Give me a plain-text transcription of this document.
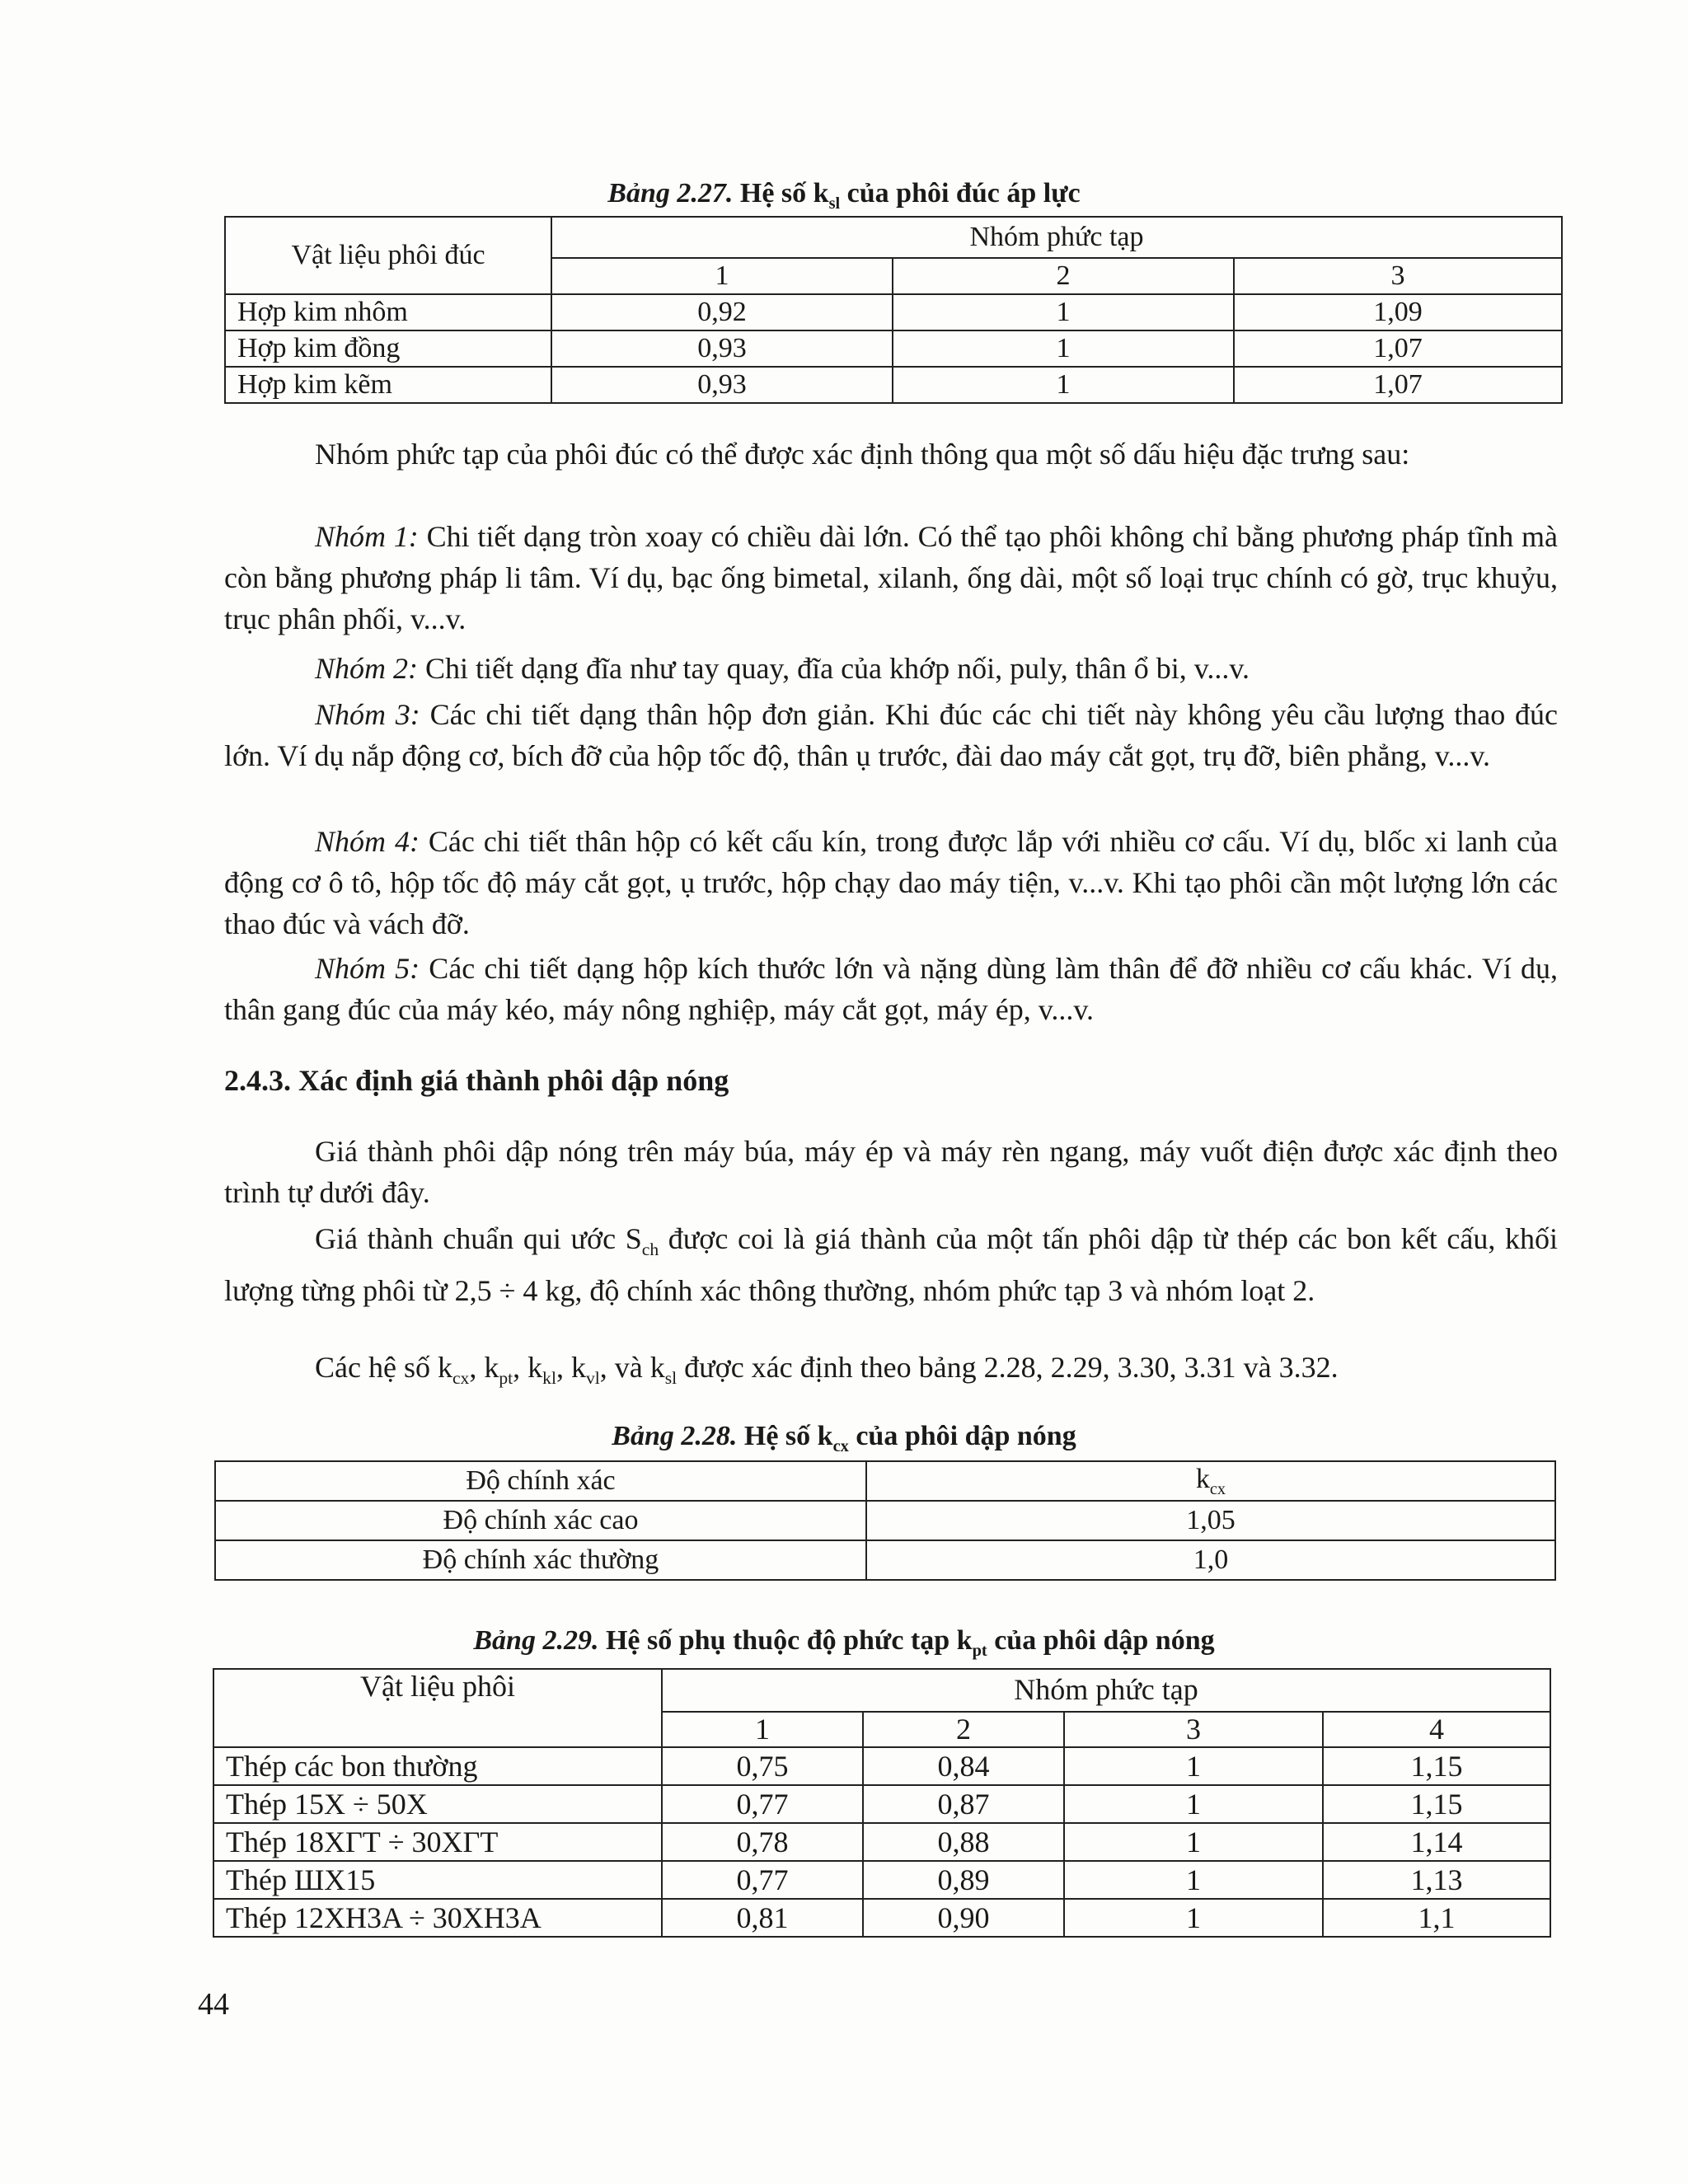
Bảng 2.27. Hệ số $k_{sl}$ của phôi đúc áp lực
Vật liệu phôi đúc	Nhóm phức tạp		
	1	2	3
Hợp kim nhôm	0,92	1	1,09
Hợp kim đồng	0,93	1	1,07
Hợp kim kẽm	0,93	1	1,07

Nhóm phức tạp của phôi đúc có thể được xác định thông qua một số dấu hiệu đặc trưng sau:

Nhóm 1: Chi tiết dạng tròn xoay có chiều dài lớn. Có thể tạo phôi không chỉ bằng phương pháp tĩnh mà còn bằng phương pháp li tâm. Ví dụ, bạc ống bimetal, xilanh, ống dài, một số loại trục chính có gờ, trục khuỷu, trục phân phối, v...v.

Nhóm 2: Chi tiết dạng đĩa như tay quay, đĩa của khớp nối, puly, thân ổ bi, v...v.

Nhóm 3: Các chi tiết dạng thân hộp đơn giản. Khi đúc các chi tiết này không yêu cầu lượng thao đúc lớn. Ví dụ nắp động cơ, bích đỡ của hộp tốc độ, thân ụ trước, đài dao máy cắt gọt, trụ đỡ, biên phẳng, v...v.

Nhóm 4: Các chi tiết thân hộp có kết cấu kín, trong được lắp với nhiều cơ cấu. Ví dụ, blốc xi lanh của động cơ ô tô, hộp tốc độ máy cắt gọt, ụ trước, hộp chạy dao máy tiện, v...v. Khi tạo phôi cần một lượng lớn các thao đúc và vách đỡ.

Nhóm 5: Các chi tiết dạng hộp kích thước lớn và nặng dùng làm thân để đỡ nhiều cơ cấu khác. Ví dụ, thân gang đúc của máy kéo, máy nông nghiệp, máy cắt gọt, máy ép, v...v.

2.4.3. Xác định giá thành phôi dập nóng

Giá thành phôi dập nóng trên máy búa, máy ép và máy rèn ngang, máy vuốt điện được xác định theo trình tự dưới đây.

Giá thành chuẩn qui ước $S_{ch}$ được coi là giá thành của một tấn phôi dập từ thép các bon kết cấu, khối lượng từng phôi từ 2,5 ÷ 4 kg, độ chính xác thông thường, nhóm phức tạp 3 và nhóm loạt 2.

Các hệ số $k_{cx}$, $k_{pt}$, $k_{kl}$, $k_{vl}$, và $k_{sl}$ được xác định theo bảng 2.28, 2.29, 3.30, 3.31 và 3.32.

Bảng 2.28. Hệ số $k_{cx}$ của phôi dập nóng
Độ chính xác	$k_{cx}$
Độ chính xác cao	1,05
Độ chính xác thường	1,0
Bảng 2.29. Hệ số phụ thuộc độ phức tạp $k_{pt}$ của phôi dập nóng
Vật liệu phôi	Nhóm phức tạp			
	1	2	3	4
Thép các bon thường	0,75	0,84	1	1,15
Thép 15X ÷ 50X	0,77	0,87	1	1,15
Thép 18XГТ ÷ 30XГТ	0,78	0,88	1	1,14
Thép ШX15	0,77	0,89	1	1,13
Thép 12XH3A ÷ 30XH3A	0,81	0,90	1	1,1
44
